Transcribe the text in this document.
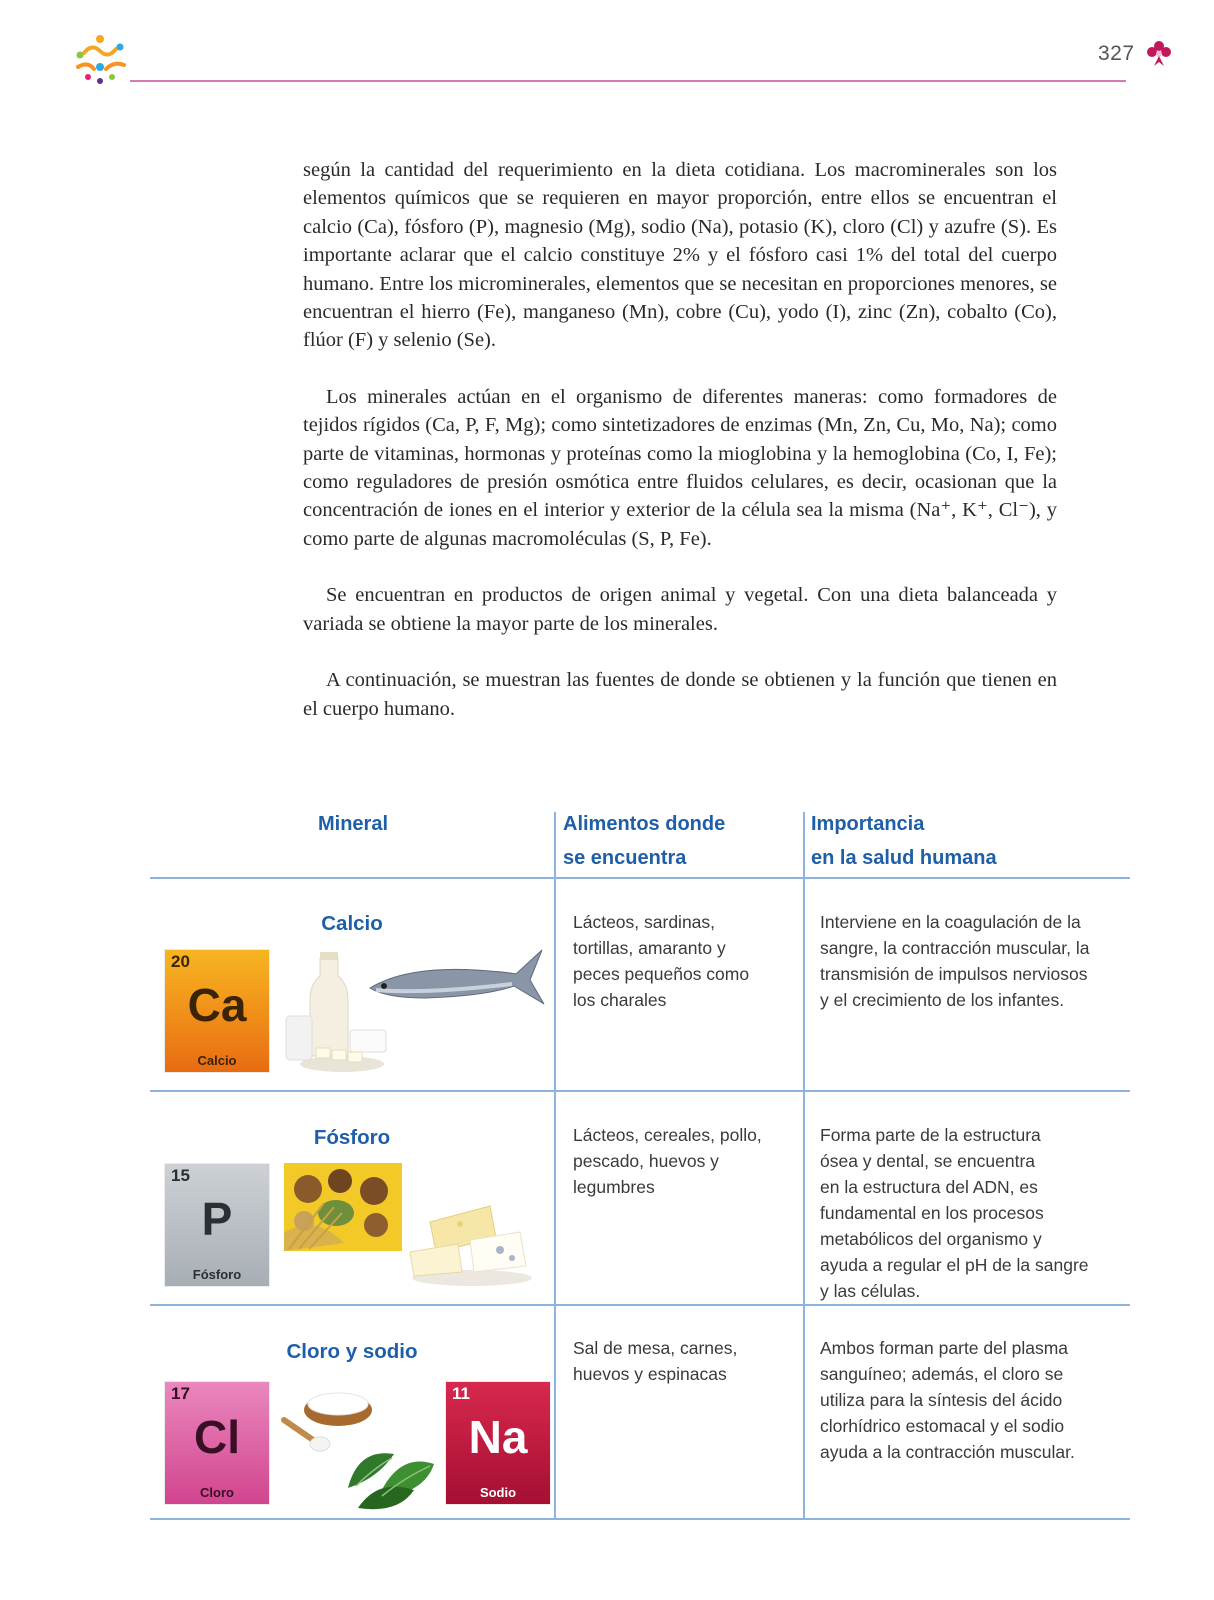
327

según la cantidad del requerimiento en la dieta cotidiana. Los macrominerales son los elementos químicos que se requieren en mayor proporción, entre ellos se encuentran el calcio (Ca), fósforo (P), magnesio (Mg), sodio (Na), potasio (K), cloro (Cl) y azufre (S). Es importante aclarar que el calcio constituye 2% y el fósforo casi 1% del total del cuerpo humano. Entre los microminerales, elementos que se necesitan en proporciones menores, se encuentran el hierro (Fe), manganeso (Mn), cobre (Cu), yodo (I), zinc (Zn), cobalto (Co), flúor (F) y selenio (Se).

Los minerales actúan en el organismo de diferentes maneras: como formadores de tejidos rígidos (Ca, P, F, Mg); como sintetizadores de enzimas (Mn, Zn, Cu, Mo, Na); como parte de vitaminas, hormonas y proteínas como la mioglobina y la hemoglobina (Co, I, Fe); como reguladores de presión osmótica entre fluidos celulares, es decir, ocasionan que la concentración de iones en el interior y exterior de la célula sea la misma (Na⁺, K⁺, Cl⁻), y como parte de algunas macromoléculas (S, P, Fe).

Se encuentran en productos de origen animal y vegetal. Con una dieta balanceada y variada se obtiene la mayor parte de los minerales.

A continuación, se muestran las fuentes de donde se obtienen y la función que tienen en el cuerpo humano.

Mineral	Alimentos donde
se encuentra
Importancia
en la salud humana
Calcio
20
Ca
Calcio
Lácteos, sardinas,
tortillas, amaranto y
peces pequeños como
los charales
Interviene en la coagulación de la
sangre, la contracción muscular, la
transmisión de impulsos nerviosos
y el crecimiento de los infantes.
Fósforo
15
P
Fósforo
Lácteos, cereales, pollo,
pescado, huevos y
legumbres
Forma parte de la estructura
ósea y dental, se encuentra
en la estructura del ADN, es
fundamental en los procesos
metabólicos del organismo y
ayuda a regular el pH de la sangre
y las células.
Cloro y sodio
17
Cl
Cloro
11
Na
Sodio
Sal de mesa, carnes,
huevos y espinacas
Ambos forman parte del plasma
sanguíneo; además, el cloro se
utiliza para la síntesis del ácido
clorhídrico estomacal y el sodio
ayuda a la contracción muscular.
